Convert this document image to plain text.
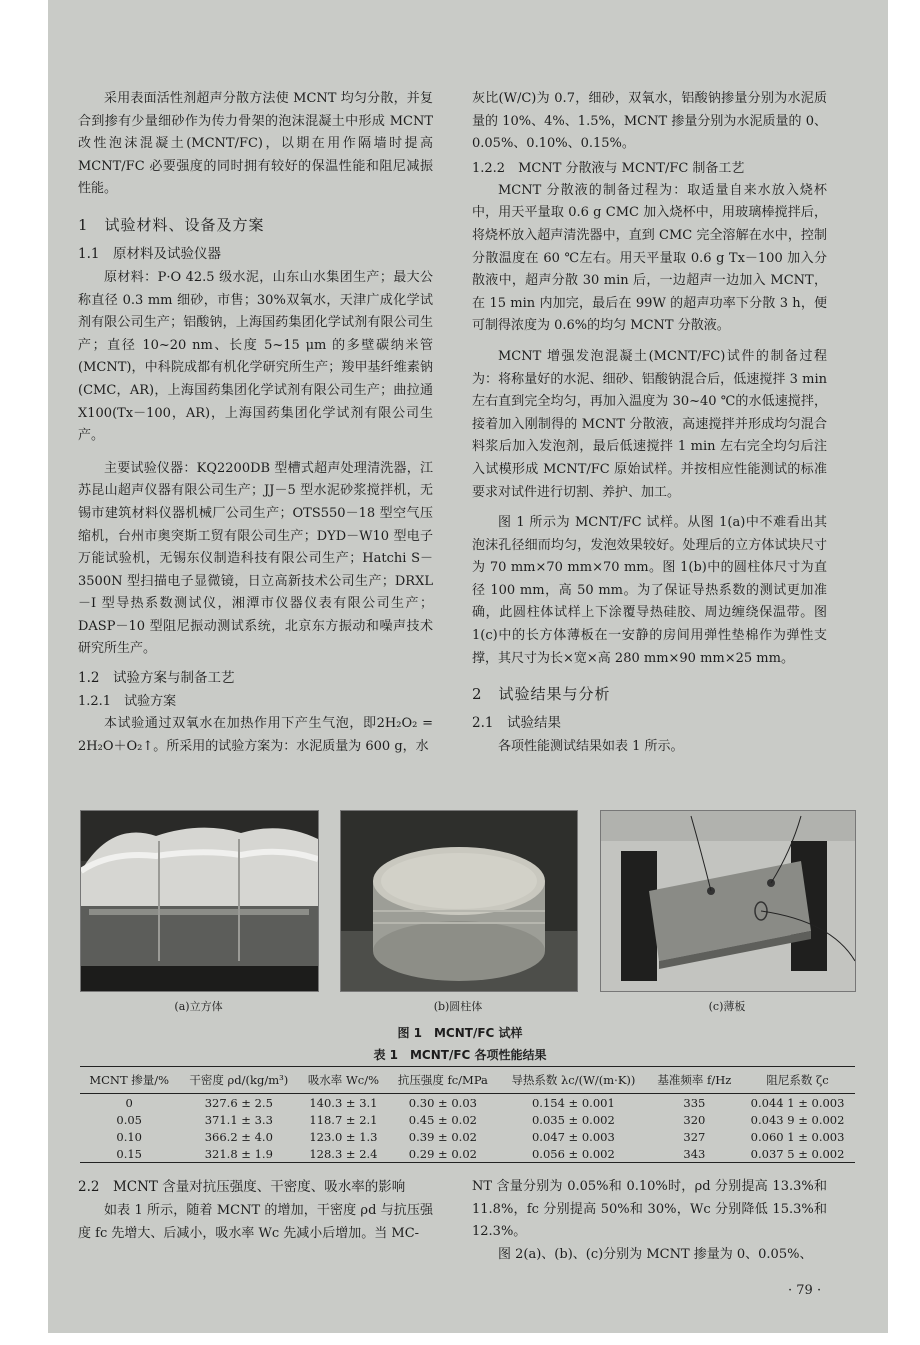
采用表面活性剂超声分散方法使 MCNT 均匀分散，并复合到掺有少量细砂作为传力骨架的泡沫混凝土中形成 MCNT 改性泡沫混凝土(MCNT/FC)，以期在用作隔墙时提高 MCNT/FC 必要强度的同时拥有较好的保温性能和阻尼减振性能。

1　试验材料、设备及方案
1.1　原材料及试验仪器

原材料：P·O 42.5 级水泥，山东山水集团生产；最大公称直径 0.3 mm 细砂，市售；30%双氧水，天津广成化学试剂有限公司生产；铝酸钠，上海国药集团化学试剂有限公司生产；直径 10~20 nm、长度 5~15 μm 的多壁碳纳米管(MCNT)，中科院成都有机化学研究所生产；羧甲基纤维素钠(CMC，AR)，上海国药集团化学试剂有限公司生产；曲拉通 X100(Tx－100，AR)，上海国药集团化学试剂有限公司生产。

主要试验仪器：KQ2200DB 型槽式超声处理清洗器，江苏昆山超声仪器有限公司生产；JJ－5 型水泥砂浆搅拌机，无锡市建筑材料仪器机械厂公司生产；OTS550－18 型空气压缩机，台州市奥突斯工贸有限公司生产；DYD－W10 型电子万能试验机，无锡东仪制造科技有限公司生产；Hatchi S－3500N 型扫描电子显微镜，日立高新技术公司生产；DRXL－I 型导热系数测试仪，湘潭市仪器仪表有限公司生产；DASP－10 型阻尼振动测试系统，北京东方振动和噪声技术研究所生产。

1.2　试验方案与制备工艺
1.2.1　试验方案

本试验通过双氧水在加热作用下产生气泡，即2H₂O₂ = 2H₂O＋O₂↑。所采用的试验方案为：水泥质量为 600 g，水

灰比(W/C)为 0.7，细砂，双氧水，铝酸钠掺量分别为水泥质量的 10%、4%、1.5%，MCNT 掺量分别为水泥质量的 0、0.05%、0.10%、0.15%。

1.2.2　MCNT 分散液与 MCNT/FC 制备工艺

MCNT 分散液的制备过程为：取适量自来水放入烧杯中，用天平量取 0.6 g CMC 加入烧杯中，用玻璃棒搅拌后，将烧杯放入超声清洗器中，直到 CMC 完全溶解在水中，控制分散温度在 60 ℃左右。用天平量取 0.6 g Tx－100 加入分散液中，超声分散 30 min 后，一边超声一边加入 MCNT，在 15 min 内加完，最后在 99W 的超声功率下分散 3 h，便可制得浓度为 0.6%的均匀 MCNT 分散液。

MCNT 增强发泡混凝土(MCNT/FC)试件的制备过程为：将称量好的水泥、细砂、铝酸钠混合后，低速搅拌 3 min 左右直到完全均匀，再加入温度为 30~40 ℃的水低速搅拌，接着加入刚制得的 MCNT 分散液，高速搅拌并形成均匀混合料浆后加入发泡剂，最后低速搅拌 1 min 左右完全均匀后注入试模形成 MCNT/FC 原始试样。并按相应性能测试的标准要求对试件进行切割、养护、加工。

图 1 所示为 MCNT/FC 试样。从图 1(a)中不难看出其泡沫孔径细而均匀，发泡效果较好。处理后的立方体试块尺寸为 70 mm×70 mm×70 mm。图 1(b)中的圆柱体尺寸为直径 100 mm，高 50 mm。为了保证导热系数的测试更加准确，此圆柱体试样上下涂覆导热硅胶、周边缠绕保温带。图 1(c)中的长方体薄板在一安静的房间用弹性垫棉作为弹性支撑，其尺寸为长×宽×高 280 mm×90 mm×25 mm。

2　试验结果与分析
2.1　试验结果

各项性能测试结果如表 1 所示。

(a)立方体	(b)圆柱体	(c)薄板
图 1　MCNT/FC 试样
表 1　MCNT/FC 各项性能结果
MCNT 掺量/%	干密度 ρd/(kg/m³)	吸水率 Wc/%	抗压强度 fc/MPa	导热系数 λc/(W/(m·K))	基准频率 f/Hz	阻尼系数 ζc
0	327.6 ± 2.5	140.3 ± 3.1	0.30 ± 0.03	0.154 ± 0.001	335	0.044 1 ± 0.003
0.05	371.1 ± 3.3	118.7 ± 2.1	0.45 ± 0.02	0.035 ± 0.002	320	0.043 9 ± 0.002
0.10	366.2 ± 4.0	123.0 ± 1.3	0.39 ± 0.02	0.047 ± 0.003	327	0.060 1 ± 0.003
0.15	321.8 ± 1.9	128.3 ± 2.4	0.29 ± 0.02	0.056 ± 0.002	343	0.037 5 ± 0.002
2.2　MCNT 含量对抗压强度、干密度、吸水率的影响

如表 1 所示，随着 MCNT 的增加，干密度 ρd 与抗压强度 fc 先增大、后减小，吸水率 Wc 先减小后增加。当 MC-

NT 含量分别为 0.05%和 0.10%时，ρd 分别提高 13.3%和 11.8%，fc 分别提高 50%和 30%，Wc 分别降低 15.3%和 12.3%。

图 2(a)、(b)、(c)分别为 MCNT 掺量为 0、0.05%、

· 79 ·
